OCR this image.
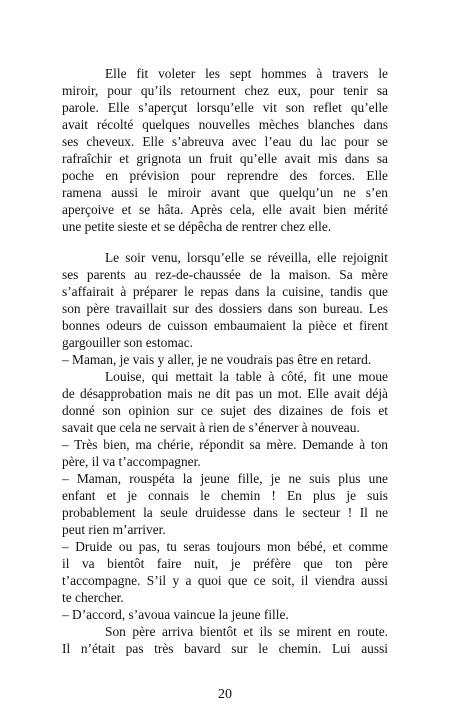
Elle fit voleter les sept hommes à travers le
miroir, pour qu’ils retournent chez eux, pour tenir sa
parole. Elle s’aperçut lorsqu’elle vit son reflet qu’elle
avait récolté quelques nouvelles mèches blanches dans
ses cheveux. Elle s’abreuva avec l’eau du lac pour se
rafraîchir et grignota un fruit qu’elle avait mis dans sa
poche en prévision pour reprendre des forces. Elle
ramena aussi le miroir avant que quelqu’un ne s’en
aperçoive et se hâta. Après cela, elle avait bien mérité
une petite sieste et se dépêcha de rentrer chez elle.
Le soir venu, lorsqu’elle se réveilla, elle rejoignit
ses parents au rez-de-chaussée de la maison. Sa mère
s’affairait à préparer le repas dans la cuisine, tandis que
son père travaillait sur des dossiers dans son bureau. Les
bonnes odeurs de cuisson embaumaient la pièce et firent
gargouiller son estomac.
– Maman, je vais y aller, je ne voudrais pas être en retard.
Louise, qui mettait la table à côté, fit une moue
de désapprobation mais ne dit pas un mot. Elle avait déjà
donné son opinion sur ce sujet des dizaines de fois et
savait que cela ne servait à rien de s’énerver à nouveau.
– Très bien, ma chérie, répondit sa mère. Demande à ton
père, il va t’accompagner.
– Maman, rouspéta la jeune fille, je ne suis plus une
enfant et je connais le chemin ! En plus je suis
probablement la seule druidesse dans le secteur ! Il ne
peut rien m’arriver.
– Druide ou pas, tu seras toujours mon bébé, et comme
il va bientôt faire nuit, je préfère que ton père
t’accompagne. S’il y a quoi que ce soit, il viendra aussi
te chercher.
– D’accord, s’avoua vaincue la jeune fille.
Son père arriva bientôt et ils se mirent en route.
Il n’était pas très bavard sur le chemin. Lui aussi
20
